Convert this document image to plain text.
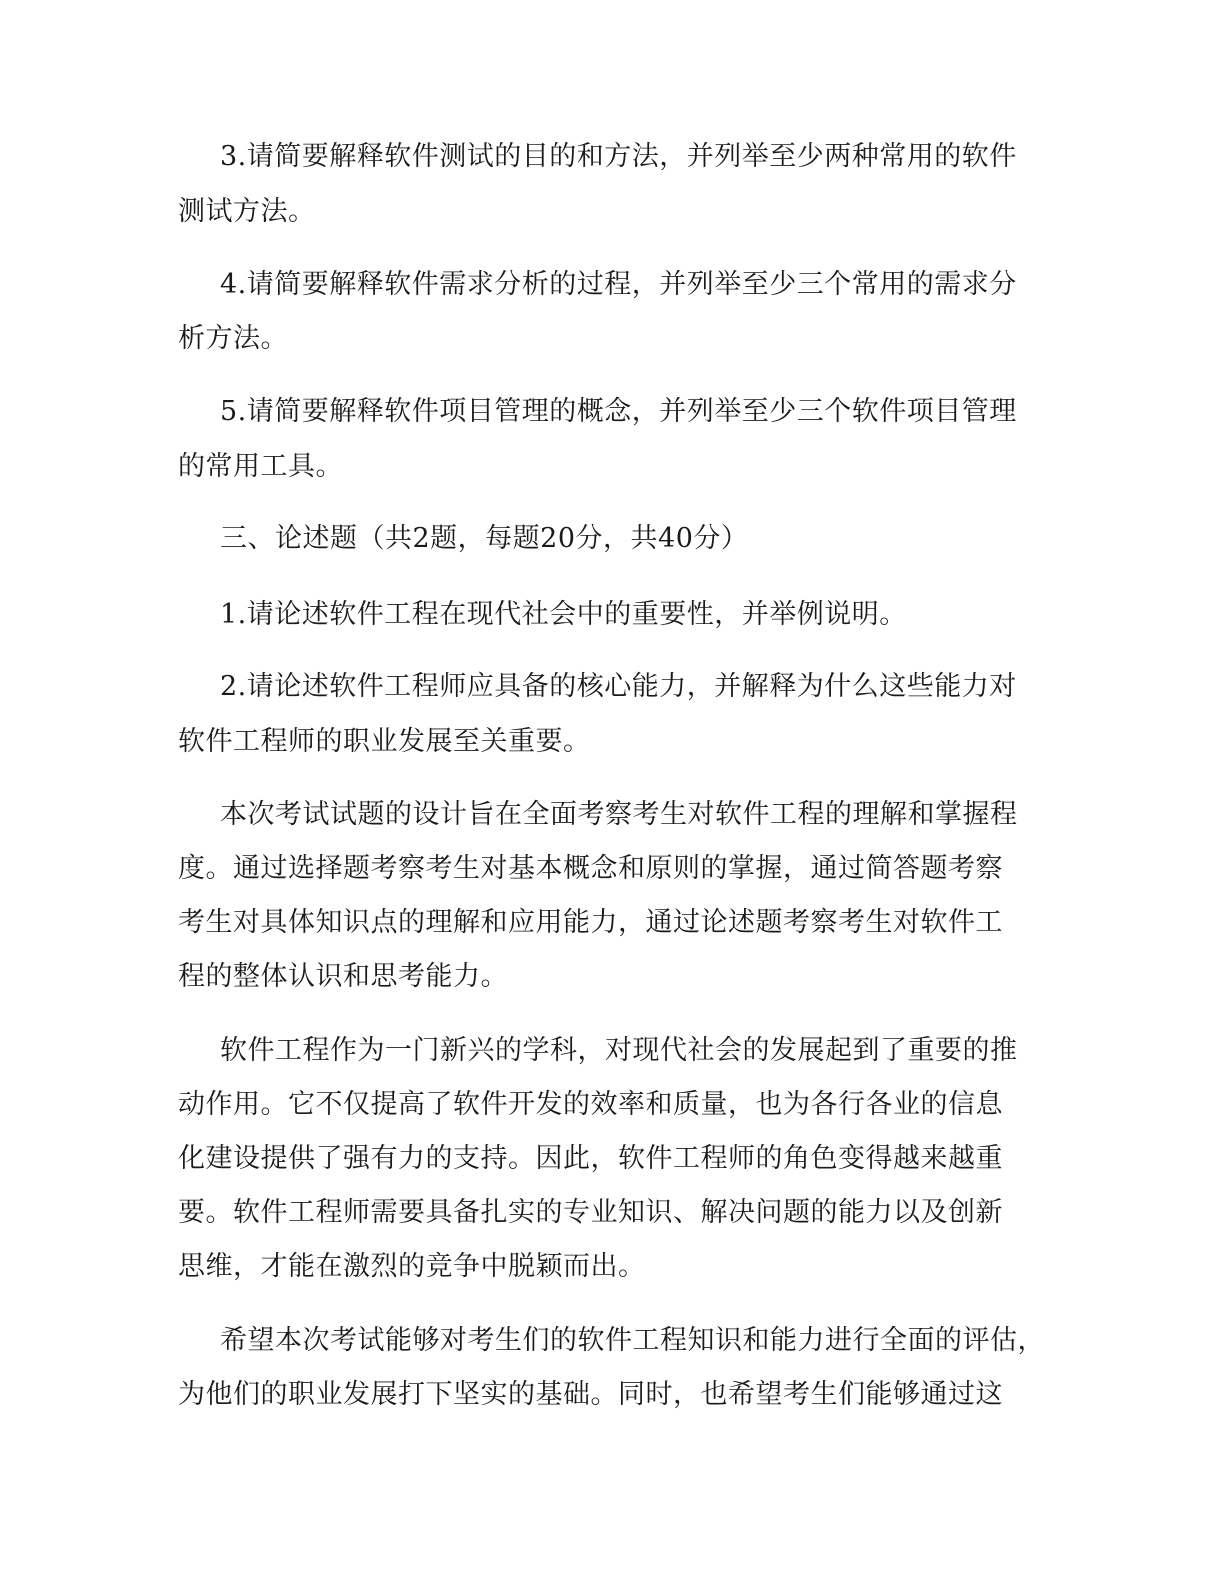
3.请简要解释软件测试的目的和方法，并列举至少两种常用的软件
测试方法。
4.请简要解释软件需求分析的过程，并列举至少三个常用的需求分
析方法。
5.请简要解释软件项目管理的概念，并列举至少三个软件项目管理
的常用工具。
三、论述题（共2题，每题20分，共40分）
1.请论述软件工程在现代社会中的重要性，并举例说明。
2.请论述软件工程师应具备的核心能力，并解释为什么这些能力对
软件工程师的职业发展至关重要。
本次考试试题的设计旨在全面考察考生对软件工程的理解和掌握程
度。通过选择题考察考生对基本概念和原则的掌握，通过简答题考察
考生对具体知识点的理解和应用能力，通过论述题考察考生对软件工
程的整体认识和思考能力。
软件工程作为一门新兴的学科，对现代社会的发展起到了重要的推
动作用。它不仅提高了软件开发的效率和质量，也为各行各业的信息
化建设提供了强有力的支持。因此，软件工程师的角色变得越来越重
要。软件工程师需要具备扎实的专业知识、解决问题的能力以及创新
思维，才能在激烈的竞争中脱颖而出。
希望本次考试能够对考生们的软件工程知识和能力进行全面的评估，
为他们的职业发展打下坚实的基础。同时，也希望考生们能够通过这
